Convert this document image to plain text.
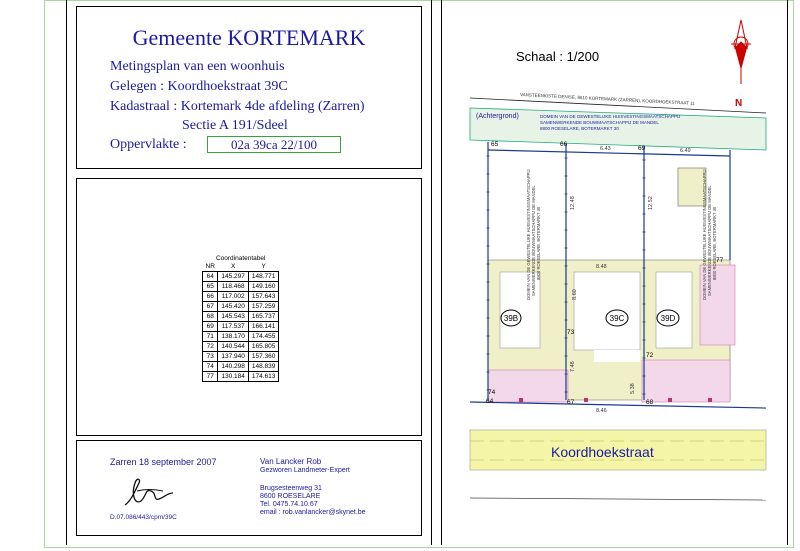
Gemeente KORTEMARK
Metingsplan van een woonhuis
Gelegen : Koordhoekstraat 39C
Kadastraal : Kortemark 4de afdeling (Zarren)
Sectie A 191/Sdeel
Oppervlakte :	02a 39ca 22/100
Coordinatentabel
NR	X	Y
64	145.297	148.771
65	118.468	149.160
66	117.002	157.643
67	145.420	157.259
68	145.543	165.737
69	117.537	166.141
71	138.170	174.455
72	140.544	165.805
73	137.940	157.360
74	140.298	148.839
77	130.184	174.613
Zarren 18 september 2007
D.07.086/443/cpm/39C
Van Lancker Rob
Gezworen Landmeter-Expert
Brugsesteenweg 31
8600 ROESELARE
Tel. 0475.74.10.67
email : rob.vanlancker@skynet.be
Schaal : 1/200
N
VANSTEENKISTE DENISE, 8610 KORTEMARK (ZARREN), KOORDHOEKSTRAAT 11
(Achtergrond)	DOMEIN VAN DE GEWESTELIJKE HUISVESTINGSMAATSCHAPPIJ
SAMENWERKENDE BOUWMAATSCHAPPIJ DE MANDEL
8800 ROESELARE, BOTERMARKT 30
6.43	6.49
8.48
8.46
8.60
7.48
5.38
12.48	12.52
39B	39C	39D
65	66
69
77
73
72
74
64	67	68
DOMEIN VAN DE GEWESTELIJKE HUISVESTINGSMAATSCHAPPIJ SAMENWERKENDE BOUWMAATSCHAPPIJ DE MANDEL 8800 ROESELARE, BOTERMARKT 30	DOMEIN VAN DE GEWESTELIJKE HUISVESTINGSMAATSCHAPPIJ SAMENWERKENDE BOUWMAATSCHAPPIJ DE MANDEL 8800 ROESELARE, BOTERMARKT 30
Koordhoekstraat
